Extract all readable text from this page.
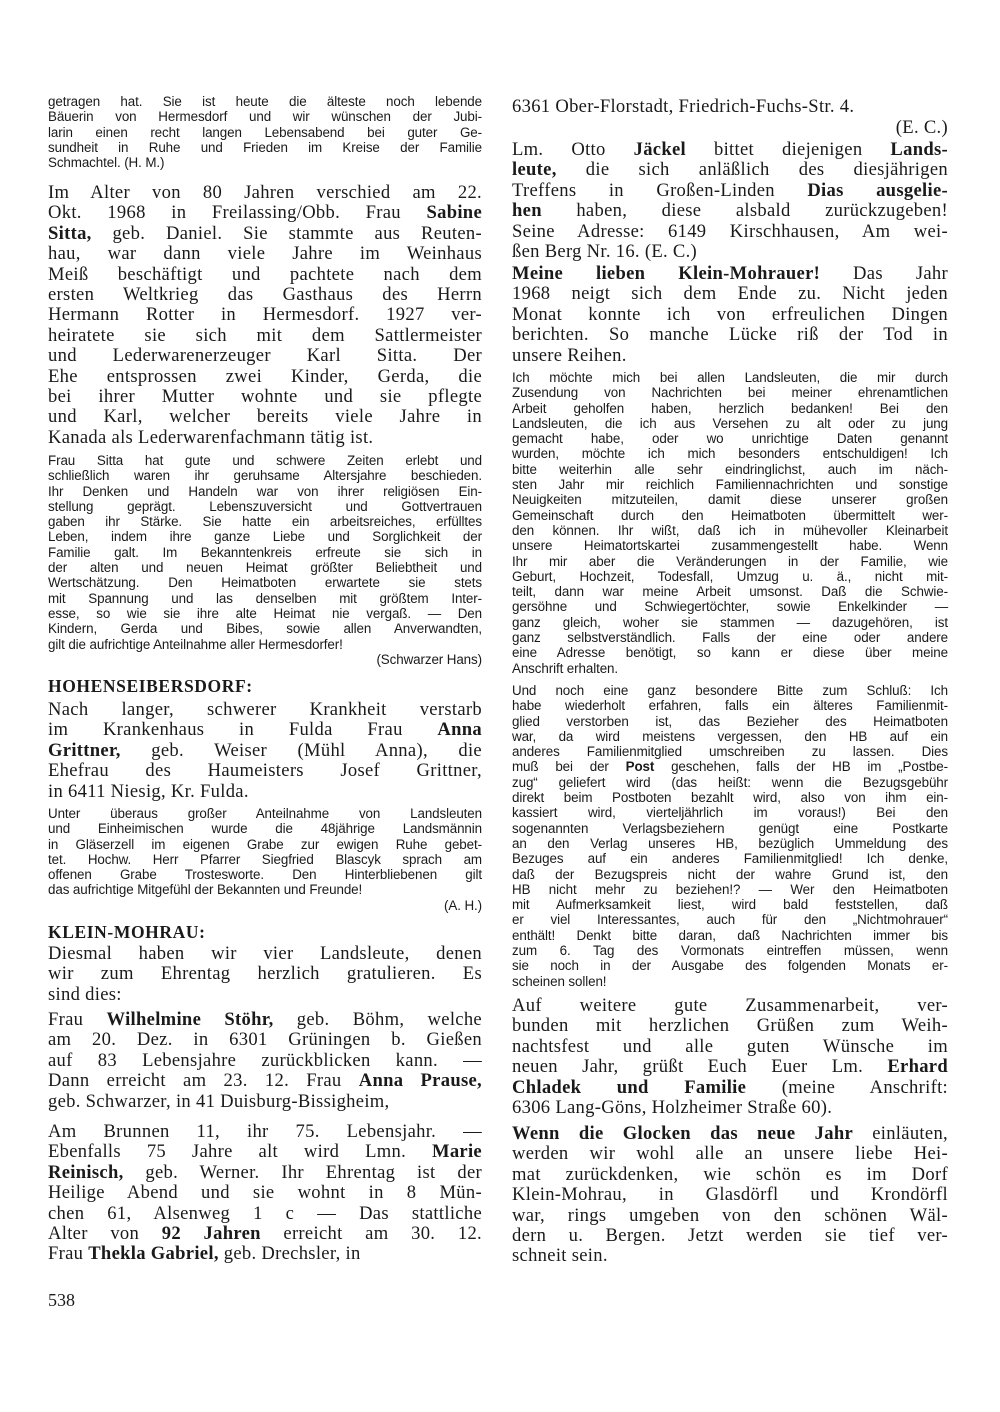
getragen hat. Sie ist heute die älteste noch lebende
Bäuerin von Hermesdorf und wir wünschen der Jubi-
larin einen recht langen Lebensabend bei guter Ge-
sundheit in Ruhe und Frieden im Kreise der Familie
Schmachtel. (H. M.)
Im Alter von 80 Jahren verschied am 22.
Okt. 1968 in Freilassing/Obb. Frau Sabine
Sitta, geb. Daniel. Sie stammte aus Reuten-
hau, war dann viele Jahre im Weinhaus
Meiß beschäftigt und pachtete nach dem
ersten Weltkrieg das Gasthaus des Herrn
Hermann Rotter in Hermesdorf. 1927 ver-
heiratete sie sich mit dem Sattlermeister
und Lederwarenerzeuger Karl Sitta. Der
Ehe entsprossen zwei Kinder, Gerda, die
bei ihrer Mutter wohnte und sie pflegte
und Karl, welcher bereits viele Jahre in
Kanada als Lederwarenfachmann tätig ist.
Frau Sitta hat gute und schwere Zeiten erlebt und
schließlich waren ihr geruhsame Altersjahre beschieden.
Ihr Denken und Handeln war von ihrer religiösen Ein-
stellung geprägt. Lebenszuversicht und Gottvertrauen
gaben ihr Stärke. Sie hatte ein arbeitsreiches, erfülltes
Leben, indem ihre ganze Liebe und Sorglichkeit der
Familie galt. Im Bekanntenkreis erfreute sie sich in
der alten und neuen Heimat größter Beliebtheit und
Wertschätzung. Den Heimatboten erwartete sie stets
mit Spannung und las denselben mit größtem Inter-
esse, so wie sie ihre alte Heimat nie vergaß. — Den
Kindern, Gerda und Bibes, sowie allen Anverwandten,
gilt die aufrichtige Anteilnahme aller Hermesdorfer!
(Schwarzer Hans)
HOHENSEIBERSDORF:
Nach langer, schwerer Krankheit verstarb
im Krankenhaus in Fulda Frau Anna
Grittner, geb. Weiser (Mühl Anna), die
Ehefrau des Haumeisters Josef Grittner,
in 6411 Niesig, Kr. Fulda.
Unter überaus großer Anteilnahme von Landsleuten
und Einheimischen wurde die 48jährige Landsmännin
in Gläserzell im eigenen Grabe zur ewigen Ruhe gebet-
tet. Hochw. Herr Pfarrer Siegfried Blascyk sprach am
offenen Grabe Trostesworte. Den Hinterbliebenen gilt
das aufrichtige Mitgefühl der Bekannten und Freunde!
(A. H.)
KLEIN-MOHRAU:
Diesmal haben wir vier Landsleute, denen
wir zum Ehrentag herzlich gratulieren. Es
sind dies:
Frau Wilhelmine Stöhr, geb. Böhm, welche
am 20. Dez. in 6301 Grüningen b. Gießen
auf 83 Lebensjahre zurückblicken kann. —
Dann erreicht am 23. 12. Frau Anna Prause,
geb. Schwarzer, in 41 Duisburg-Bissigheim,
Am Brunnen 11, ihr 75. Lebensjahr. —
Ebenfalls 75 Jahre alt wird Lmn. Marie
Reinisch, geb. Werner. Ihr Ehrentag ist der
Heilige Abend und sie wohnt in 8 Mün-
chen 61, Alsenweg 1 c — Das stattliche
Alter von 92 Jahren erreicht am 30. 12.
Frau Thekla Gabriel, geb. Drechsler, in
538
6361 Ober-Florstadt, Friedrich-Fuchs-Str. 4.
(E. C.)
Lm. Otto Jäckel bittet diejenigen Lands-
leute, die sich anläßlich des diesjährigen
Treffens in Großen-Linden Dias ausgelie-
hen haben, diese alsbald zurückzugeben!
Seine Adresse: 6149 Kirschhausen, Am wei-
ßen Berg Nr. 16. (E. C.)
Meine lieben Klein-Mohrauer! Das Jahr
1968 neigt sich dem Ende zu. Nicht jeden
Monat konnte ich von erfreulichen Dingen
berichten. So manche Lücke riß der Tod in
unsere Reihen.
Ich möchte mich bei allen Landsleuten, die mir durch
Zusendung von Nachrichten bei meiner ehrenamtlichen
Arbeit geholfen haben, herzlich bedanken! Bei den
Landsleuten, die ich aus Versehen zu alt oder zu jung
gemacht habe, oder wo unrichtige Daten genannt
wurden, möchte ich mich besonders entschuldigen! Ich
bitte weiterhin alle sehr eindringlichst, auch im näch-
sten Jahr mir reichlich Familiennachrichten und sonstige
Neuigkeiten mitzuteilen, damit diese unserer großen
Gemeinschaft durch den Heimatboten übermittelt wer-
den können. Ihr wißt, daß ich in mühevoller Kleinarbeit
unsere Heimatortskartei zusammengestellt habe. Wenn
Ihr mir aber die Veränderungen in der Familie, wie
Geburt, Hochzeit, Todesfall, Umzug u. ä., nicht mit-
teilt, dann war meine Arbeit umsonst. Daß die Schwie-
gersöhne und Schwiegertöchter, sowie Enkelkinder —
ganz gleich, woher sie stammen — dazugehören, ist
ganz selbstverständlich. Falls der eine oder andere
eine Adresse benötigt, so kann er diese über meine
Anschrift erhalten.
Und noch eine ganz besondere Bitte zum Schluß: Ich
habe wiederholt erfahren, falls ein älteres Familienmit-
glied verstorben ist, das Bezieher des Heimatboten
war, da wird meistens vergessen, den HB auf ein
anderes Familienmitglied umschreiben zu lassen. Dies
muß bei der Post geschehen, falls der HB im „Postbe-
zug“ geliefert wird (das heißt: wenn die Bezugsgebühr
direkt beim Postboten bezahlt wird, also von ihm ein-
kassiert wird, vierteljährlich im voraus!) Bei den
sogenannten Verlagsbeziehern genügt eine Postkarte
an den Verlag unseres HB, bezüglich Ummeldung des
Bezuges auf ein anderes Familienmitglied! Ich denke,
daß der Bezugspreis nicht der wahre Grund ist, den
HB nicht mehr zu beziehen!? — Wer den Heimatboten
mit Aufmerksamkeit liest, wird bald feststellen, daß
er viel Interessantes, auch für den „Nichtmohrauer“
enthält! Denkt bitte daran, daß Nachrichten immer bis
zum 6. Tag des Vormonats eintreffen müssen, wenn
sie noch in der Ausgabe des folgenden Monats er-
scheinen sollen!
Auf weitere gute Zusammenarbeit, ver-
bunden mit herzlichen Grüßen zum Weih-
nachtsfest und alle guten Wünsche im
neuen Jahr, grüßt Euch Euer Lm. Erhard
Chladek und Familie (meine Anschrift:
6306 Lang-Göns, Holzheimer Straße 60).
Wenn die Glocken das neue Jahr einläuten,
werden wir wohl alle an unsere liebe Hei-
mat zurückdenken, wie schön es im Dorf
Klein-Mohrau, in Glasdörfl und Krondörfl
war, rings umgeben von den schönen Wäl-
dern u. Bergen. Jetzt werden sie tief ver-
schneit sein.
